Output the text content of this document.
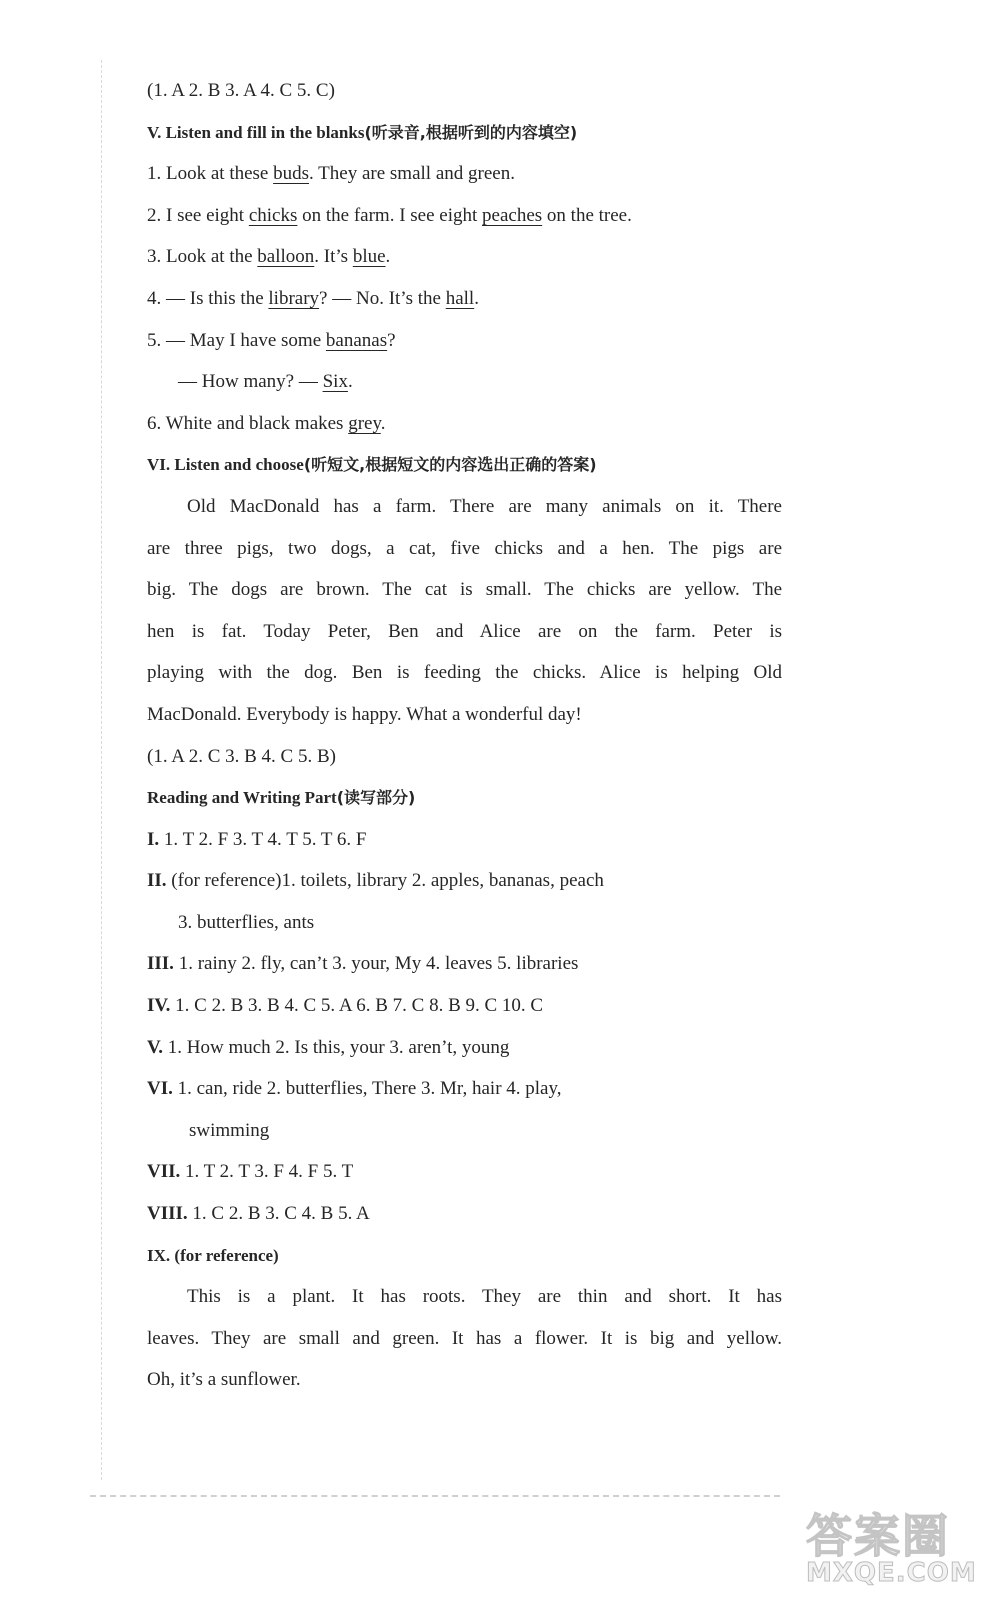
(1. A 2. B 3. A 4. C 5. C)
V. Listen and fill in the blanks(听录音,根据听到的内容填空)
1. Look at these buds. They are small and green.
2. I see eight chicks on the farm. I see eight peaches on the tree.
3. Look at the balloon. It’s blue.
4. — Is this the library? — No. It’s the hall.
5. — May I have some bananas?
— How many? — Six.
6. White and black makes grey.
VI. Listen and choose(听短文,根据短文的内容选出正确的答案)
Old MacDonald has a farm. There are many animals on it. There
are three pigs, two dogs, a cat, five chicks and a hen. The pigs are
big. The dogs are brown. The cat is small. The chicks are yellow. The
hen is fat. Today Peter, Ben and Alice are on the farm. Peter is
playing with the dog. Ben is feeding the chicks. Alice is helping Old
MacDonald. Everybody is happy. What a wonderful day!
(1. A 2. C 3. B 4. C 5. B)
Reading and Writing Part(读写部分)
I. 1. T 2. F 3. T 4. T 5. T 6. F
II. (for reference)1. toilets, library 2. apples, bananas, peach
3. butterflies, ants
III. 1. rainy 2. fly, can’t 3. your, My 4. leaves 5. libraries
IV. 1. C 2. B 3. B 4. C 5. A 6. B 7. C 8. B 9. C 10. C
V. 1. How much 2. Is this, your 3. aren’t, young
VI. 1. can, ride 2. butterflies, There 3. Mr, hair 4. play,
swimming
VII. 1. T 2. T 3. F 4. F 5. T
VIII. 1. C 2. B 3. C 4. B 5. A
IX. (for reference)
This is a plant. It has roots. They are thin and short. It has
leaves. They are small and green. It has a flower. It is big and yellow.
Oh, it’s a sunflower.
答案圈
MXQE.COM
